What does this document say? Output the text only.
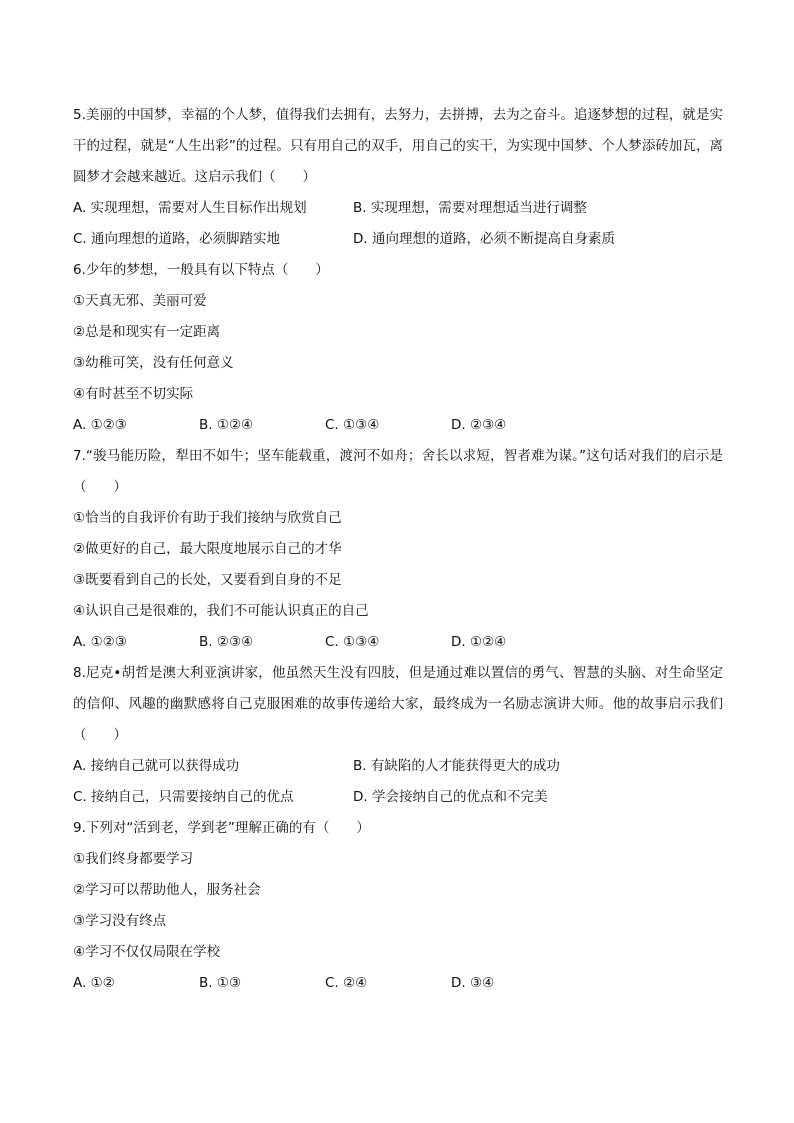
5.美丽的中国梦，幸福的个人梦，值得我们去拥有，去努力，去拼搏，去为之奋斗。追逐梦想的过程，就是实干的过程，就是“人生出彩”的过程。只有用自己的双手，用自己的实干，为实现中国梦、个人梦添砖加瓦，离圆梦才会越来越近。这启示我们（　　）

A. 实现理想，需要对人生目标作出规划	B. 实现理想，需要对理想适当进行调整
C. 通向理想的道路，必须脚踏实地	D. 通向理想的道路，必须不断提高自身素质

6.少年的梦想，一般具有以下特点（　　）

①天真无邪、美丽可爱

②总是和现实有一定距离

③幼稚可笑，没有任何意义

④有时甚至不切实际

A. ①②③	B. ①②④	C. ①③④	D. ②③④

7.“骏马能历险，犁田不如牛；坚车能载重，渡河不如舟；舍长以求短，智者难为谋。”这句话对我们的启示是（　　）

①恰当的自我评价有助于我们接纳与欣赏自己

②做更好的自己，最大限度地展示自己的才华

③既要看到自己的长处，又要看到自身的不足

④认识自己是很难的，我们不可能认识真正的自己

A. ①②③	B. ②③④	C. ①③④	D. ①②④

8.尼克•胡哲是澳大利亚演讲家，他虽然天生没有四肢，但是通过难以置信的勇气、智慧的头脑、对生命坚定的信仰、风趣的幽默感将自己克服困难的故事传递给大家，最终成为一名励志演讲大师。他的故事启示我们（　　）

A. 接纳自己就可以获得成功	B. 有缺陷的人才能获得更大的成功
C. 接纳自己，只需要接纳自己的优点	D. 学会接纳自己的优点和不完美

9.下列对“活到老，学到老”理解正确的有（　　）

①我们终身都要学习

②学习可以帮助他人，服务社会

③学习没有终点

④学习不仅仅局限在学校

A. ①②	B. ①③	C. ②④	D. ③④
